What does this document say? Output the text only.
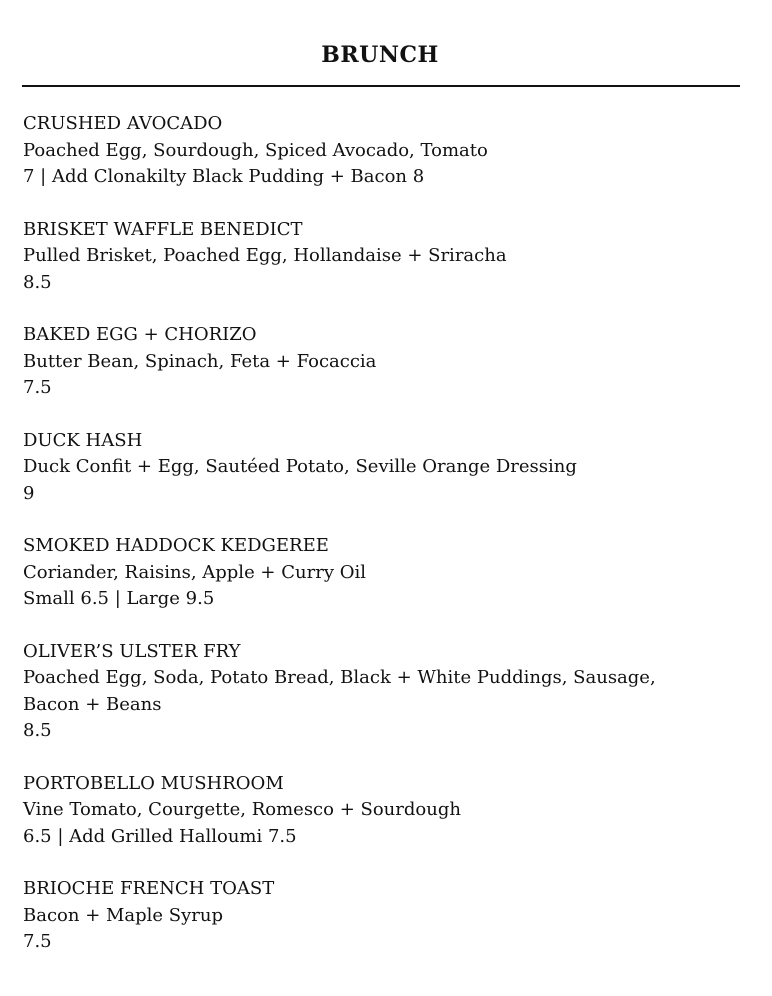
BRUNCH
CRUSHED AVOCADO
Poached Egg, Sourdough, Spiced Avocado, Tomato
7 | Add Clonakilty Black Pudding + Bacon 8
BRISKET WAFFLE BENEDICT
Pulled Brisket, Poached Egg, Hollandaise + Sriracha
8.5
BAKED EGG + CHORIZO
Butter Bean, Spinach, Feta + Focaccia
7.5
DUCK HASH
Duck Confit + Egg, Sautéed Potato, Seville Orange Dressing
9
SMOKED HADDOCK KEDGEREE
Coriander, Raisins, Apple + Curry Oil
Small 6.5 | Large 9.5
OLIVER’S ULSTER FRY
Poached Egg, Soda, Potato Bread, Black + White Puddings, Sausage,
Bacon + Beans
8.5
PORTOBELLO MUSHROOM
Vine Tomato, Courgette, Romesco + Sourdough
6.5 | Add Grilled Halloumi 7.5
BRIOCHE FRENCH TOAST
Bacon + Maple Syrup
7.5
